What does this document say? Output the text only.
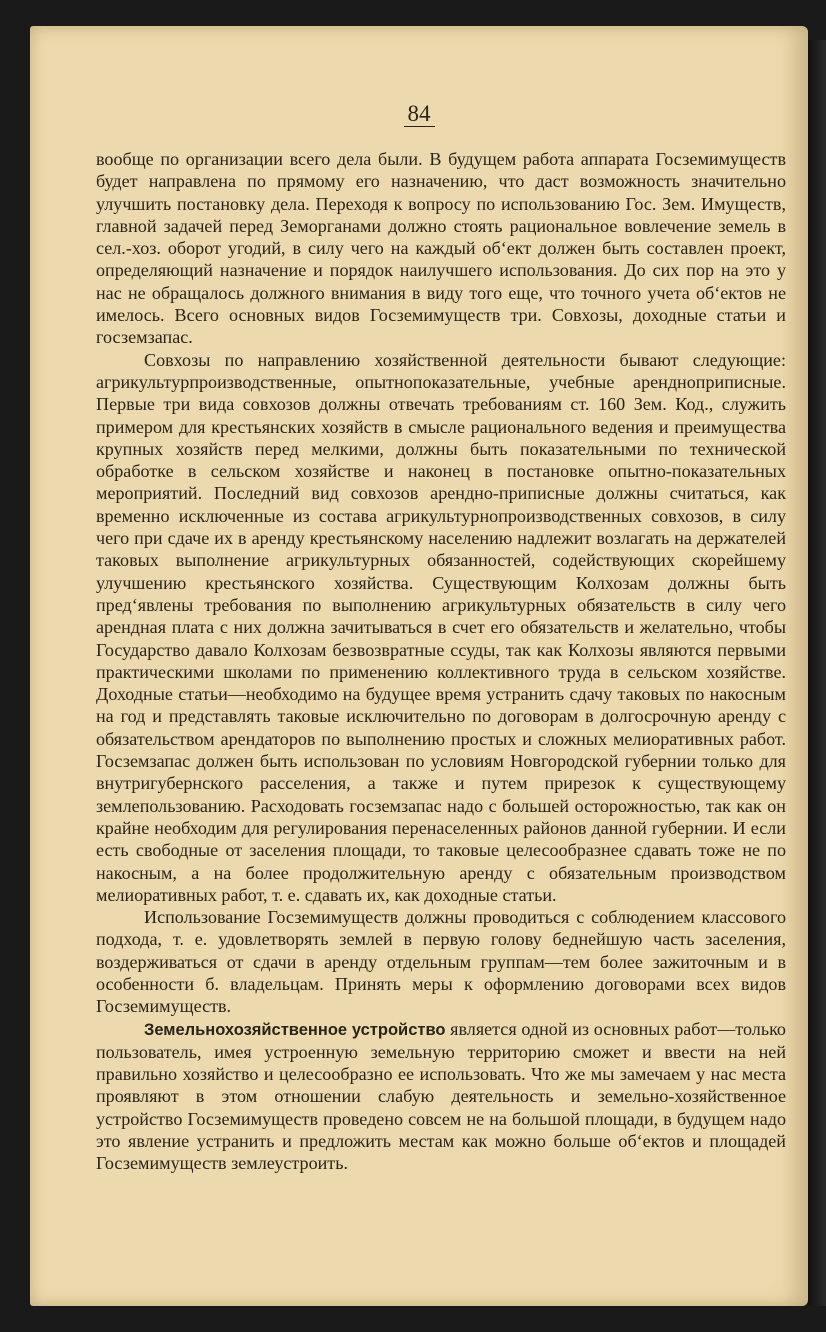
84

вообще по организации всего дела были. В будущем работа аппарата Госземимуществ будет направлена по прямому его назначению, что даст возможность значительно улучшить постановку дела. Переходя к вопросу по использованию Гос. Зем. Имуществ, главной задачей перед Земорганами должно стоять рациональное вовлечение земель в сел.-хоз. оборот угодий, в силу чего на каждый об‘ект должен быть составлен проект, определяющий назначение и порядок наилучшего использования. До сих пор на это у нас не обращалось должного внимания в виду того еще, что точного учета об‘ектов не имелось. Всего основных видов Госземимуществ три. Совхозы, доходные статьи и госземзапас.

Совхозы по направлению хозяйственной деятельности бывают следующие: агрикультурпроизводственные, опытнопоказательные, учебные арендноприписные. Первые три вида совхозов должны отвечать требованиям ст. 160 Зем. Код., служить примером для крестьянских хозяйств в смысле рационального ведения и преимущества крупных хозяйств перед мелкими, должны быть показательными по технической обработке в сельском хозяйстве и наконец в постановке опытно-показательных мероприятий. Последний вид совхозов арендно-приписные должны считаться, как временно исключенные из состава агрикультурнопроизводственных совхозов, в силу чего при сдаче их в аренду крестьянскому населению надлежит возлагать на держателей таковых выполнение агрикультурных обязанностей, содействующих скорейшему улучшению крестьянского хозяйства. Существующим Колхозам должны быть пред‘явлены требования по выполнению агрикультурных обязательств в силу чего арендная плата с них должна зачитываться в счет его обязательств и желательно, чтобы Государство давало Колхозам безвозвратные ссуды, так как Колхозы являются первыми практическими школами по применению коллективного труда в сельском хозяйстве. Доходные статьи—необходимо на будущее время устранить сдачу таковых по накосным на год и представлять таковые исключительно по договорам в долгосрочную аренду с обязательством арендаторов по выполнению простых и сложных мелиоративных работ. Госземзапас должен быть использован по условиям Новгородской губернии только для внутригубернского расселения, а также и путем прирезок к существующему землепользованию. Расходовать госземзапас надо с большей осторожностью, так как он крайне необходим для регулирования перенаселенных районов данной губернии. И если есть свободные от заселения площади, то таковые целесообразнее сдавать тоже не по накосным, а на более продолжительную аренду с обязательным производством мелиоративных работ, т. е. сдавать их, как доходные статьи.

Использование Госземимуществ должны проводиться с соблюдением классового подхода, т. е. удовлетворять землей в первую голову беднейшую часть заселения, воздерживаться от сдачи в аренду отдельным группам—тем более зажиточным и в особенности б. владельцам. Принять меры к оформлению договорами всех видов Госземимуществ.

Земельнохозяйственное устройство является одной из основных работ—только пользователь, имея устроенную земельную территорию сможет и ввести на ней правильно хозяйство и целесообразно ее использовать. Что же мы замечаем у нас места проявляют в этом отношении слабую деятельность и земельно-хозяйственное устройство Госземимуществ проведено совсем не на большой площади, в будущем надо это явление устранить и предложить местам как можно больше об‘ектов и площадей Госземимуществ землеустроить.
